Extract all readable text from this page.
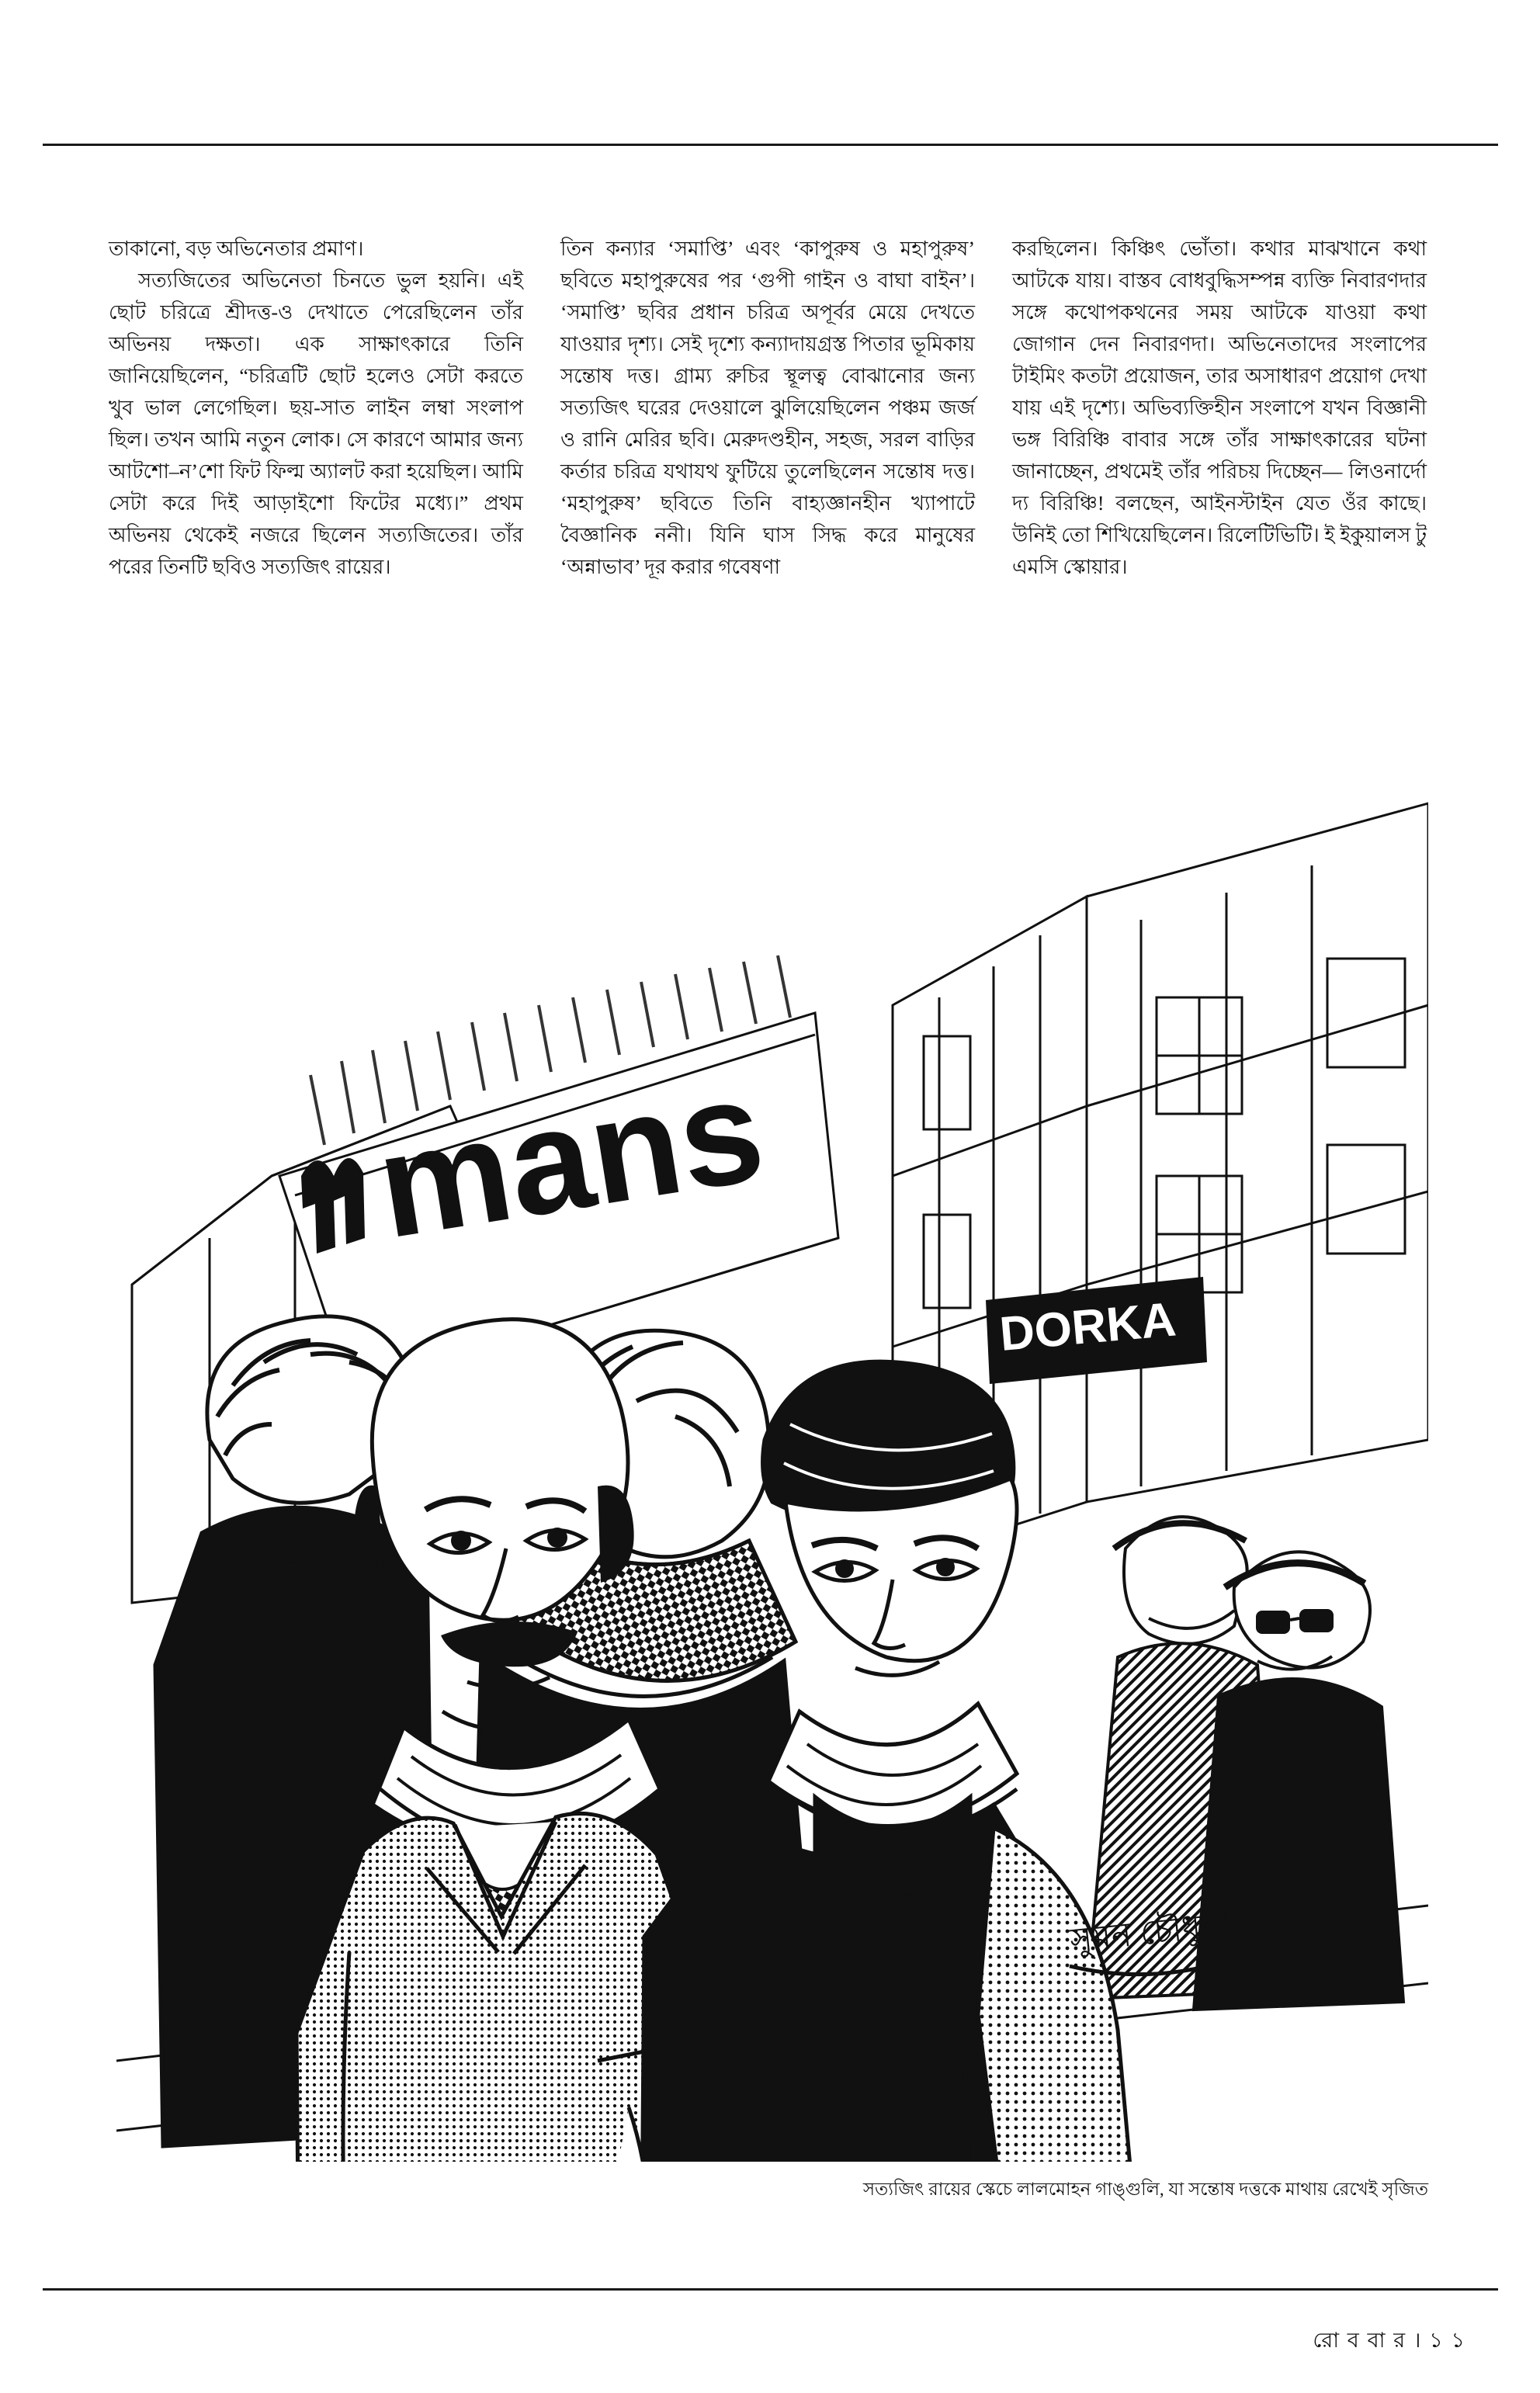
তাকানো, বড় অভিনেতার প্রমাণ।

সত্যজিতের অভিনেতা চিনতে ভুল হয়নি। এই ছোট চরিত্রে শ্রীদত্ত-ও দেখাতে পেরেছিলেন তাঁর অভিনয় দক্ষতা। এক সাক্ষাৎকারে তিনি জানিয়েছিলেন, “চরিত্রটি ছোট হলেও সেটা করতে খুব ভাল লেগেছিল। ছয়-সাত লাইন লম্বা সংলাপ ছিল। তখন আমি নতুন লোক। সে কারণে আমার জন্য আটশো–ন’শো ফিট ফিল্ম অ্যালট করা হয়েছিল। আমি সেটা করে দিই আড়াইশো ফিটের মধ্যে।” প্রথম অভিনয় থেকেই নজরে ছিলেন সত্যজিতের। তাঁর পরের তিনটি ছবিও সত্যজিৎ রায়ের।

তিন কন্যার ‘সমাপ্তি’ এবং ‘কাপুরুষ ও মহাপুরুষ’ ছবিতে মহাপুরুষের পর ‘গুপী গাইন ও বাঘা বাইন’। ‘সমাপ্তি’ ছবির প্রধান চরিত্র অপূর্বর মেয়ে দেখতে যাওয়ার দৃশ্য। সেই দৃশ্যে কন্যাদায়গ্রস্ত পিতার ভূমিকায় সন্তোষ দত্ত। গ্রাম্য রুচির স্থূলত্ব বোঝানোর জন্য সত্যজিৎ ঘরের দেওয়ালে ঝুলিয়েছিলেন পঞ্চম জর্জ ও রানি মেরির ছবি। মেরুদণ্ডহীন, সহজ, সরল বাড়ির কর্তার চরিত্র যথাযথ ফুটিয়ে তুলেছিলেন সন্তোষ দত্ত। ‘মহাপুরুষ’ ছবিতে তিনি বাহ্যজ্ঞানহীন খ্যাপাটে বৈজ্ঞানিক ননী। যিনি ঘাস সিদ্ধ করে মানুষের ‘অন্নাভাব’ দূর করার গবেষণা

করছিলেন। কিঞ্চিৎ ভোঁতা। কথার মাঝখানে কথা আটকে যায়। বাস্তব বোধবুদ্ধিসম্পন্ন ব্যক্তি নিবারণদার সঙ্গে কথোপকথনের সময় আটকে যাওয়া কথা জোগান দেন নিবারণদা। অভিনেতাদের সংলাপের টাইমিং কতটা প্রয়োজন, তার অসাধারণ প্রয়োগ দেখা যায় এই দৃশ্যে। অভিব্যক্তিহীন সংলাপে যখন বিজ্ঞানী ভঙ্গ বিরিঞ্চি বাবার সঙ্গে তাঁর সাক্ষাৎকারের ঘটনা জানাচ্ছেন, প্রথমেই তাঁর পরিচয় দিচ্ছেন— লিওনার্দো দ্য বিরিঞ্চি! বলছেন, আইনস্টাইন যেত ওঁর কাছে। উনিই তো শিখিয়েছিলেন। রিলেটিভিটি। ই ইকুয়ালস টু এমসি স্কোয়ার।

mans
DORKA
সুমন চৌধুরী
সত্যজিৎ রায়ের স্কেচে লালমোহন গাঙ্গুলি, যা সন্তোষ দত্তকে মাথায় রেখেই সৃজিত
রো ব বা র । ১ ১
